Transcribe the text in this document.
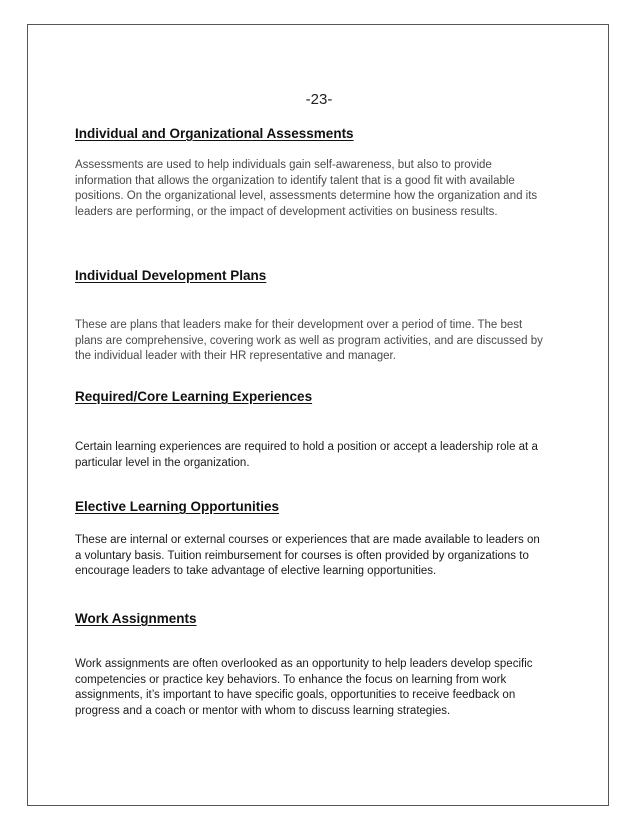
-23-
Individual and Organizational Assessments
Assessments are used to help individuals gain self-awareness, but also to provide information that allows the organization to identify talent that is a good fit with available positions. On the organizational level, assessments determine how the organization and its leaders are performing, or the impact of development activities on business results.
Individual Development Plans
These are plans that leaders make for their development over a period of time. The best plans are comprehensive, covering work as well as program activities, and are discussed by the individual leader with their HR representative and manager.
Required/Core Learning Experiences
Certain learning experiences are required to hold a position or accept a leadership role at a particular level in the organization.
Elective Learning Opportunities
These are internal or external courses or experiences that are made available to leaders on a voluntary basis. Tuition reimbursement for courses is often provided by organizations to encourage leaders to take advantage of elective learning opportunities.
Work Assignments
Work assignments are often overlooked as an opportunity to help leaders develop specific competencies or practice key behaviors. To enhance the focus on learning from work assignments, it’s important to have specific goals, opportunities to receive feedback on progress and a coach or mentor with whom to discuss learning strategies.
